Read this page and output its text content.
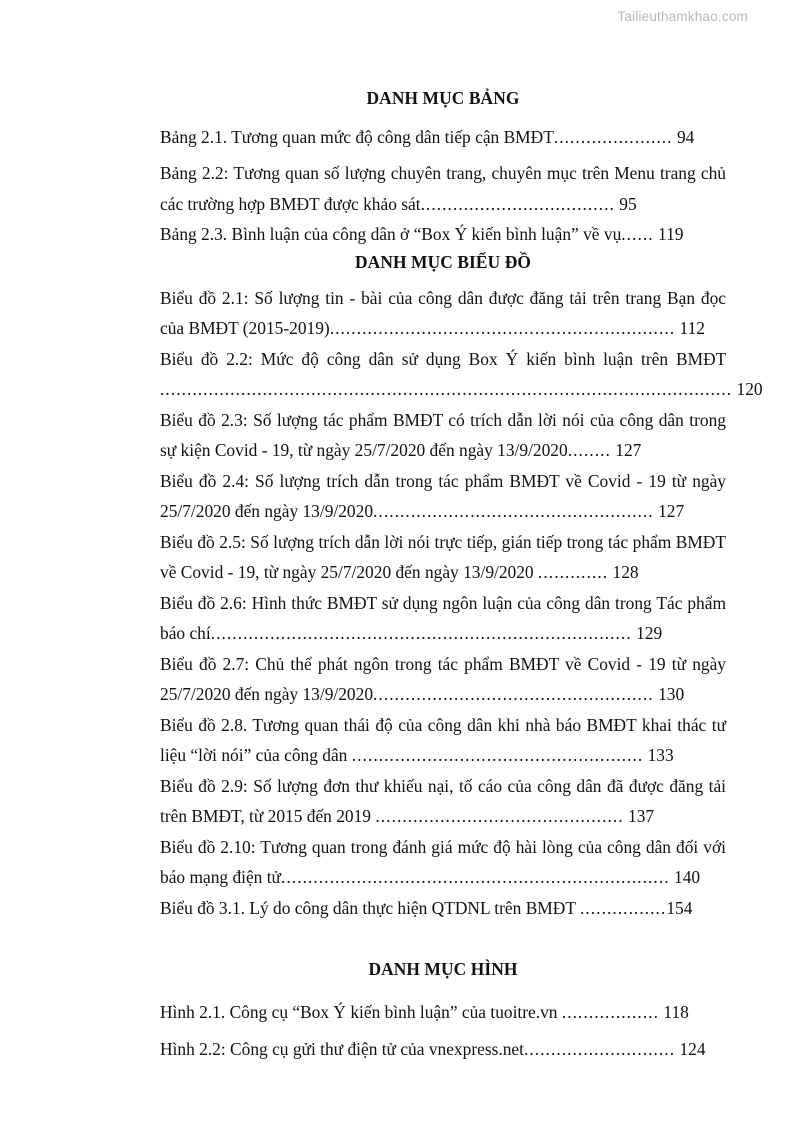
Tailieuthamkhao.com
DANH MỤC BẢNG

Bảng 2.1. Tương quan mức độ công dân tiếp cận BMĐT...................... 94

Bảng 2.2: Tương quan số lượng chuyên trang, chuyên mục trên Menu trang chủ các trường hợp BMĐT được khảo sát.................................... 95

Bảng 2.3. Bình luận của công dân ở “Box Ý kiến bình luận” về vụ...... 119

DANH MỤC BIỂU ĐỒ

Biểu đồ 2.1: Số lượng tin - bài của công dân được đăng tải trên trang Bạn đọc của BMĐT (2015-2019)................................................................ 112

Biểu đồ 2.2: Mức độ công dân sử dụng Box Ý kiến bình luận trên BMĐT .......................................................................................................... 120

Biểu đồ 2.3: Số lượng tác phẩm BMĐT có trích dẫn lời nói của công dân trong sự kiện Covid - 19, từ ngày 25/7/2020 đến ngày 13/9/2020........ 127

Biểu đồ 2.4: Số lượng trích dẫn trong tác phẩm BMĐT về Covid - 19 từ ngày 25/7/2020 đến ngày 13/9/2020.................................................... 127

Biểu đồ 2.5: Số lượng trích dẫn lời nói trực tiếp, gián tiếp trong tác phẩm BMĐT về Covid - 19, từ ngày 25/7/2020 đến ngày 13/9/2020 ............. 128

Biểu đồ 2.6: Hình thức BMĐT sử dụng ngôn luận của công dân trong Tác phẩm báo chí.............................................................................. 129

Biểu đồ 2.7: Chủ thể phát ngôn trong tác phẩm BMĐT về Covid - 19 từ ngày 25/7/2020 đến ngày 13/9/2020.................................................... 130

Biểu đồ 2.8. Tương quan thái độ của công dân khi nhà báo BMĐT khai thác tư liệu “lời nói” của công dân ...................................................... 133

Biểu đồ 2.9: Số lượng đơn thư khiếu nại, tố cáo của công dân đã được đăng tải trên BMĐT, từ 2015 đến 2019 .............................................. 137

Biểu đồ 2.10: Tương quan trong đánh giá mức độ hài lòng của công dân đối với báo mạng điện tử........................................................................ 140

Biểu đồ 3.1. Lý do công dân thực hiện QTDNL trên BMĐT ................154

DANH MỤC HÌNH

Hình 2.1. Công cụ “Box Ý kiến bình luận” của tuoitre.vn .................. 118

Hình 2.2: Công cụ gửi thư điện tử của vnexpress.net............................ 124
